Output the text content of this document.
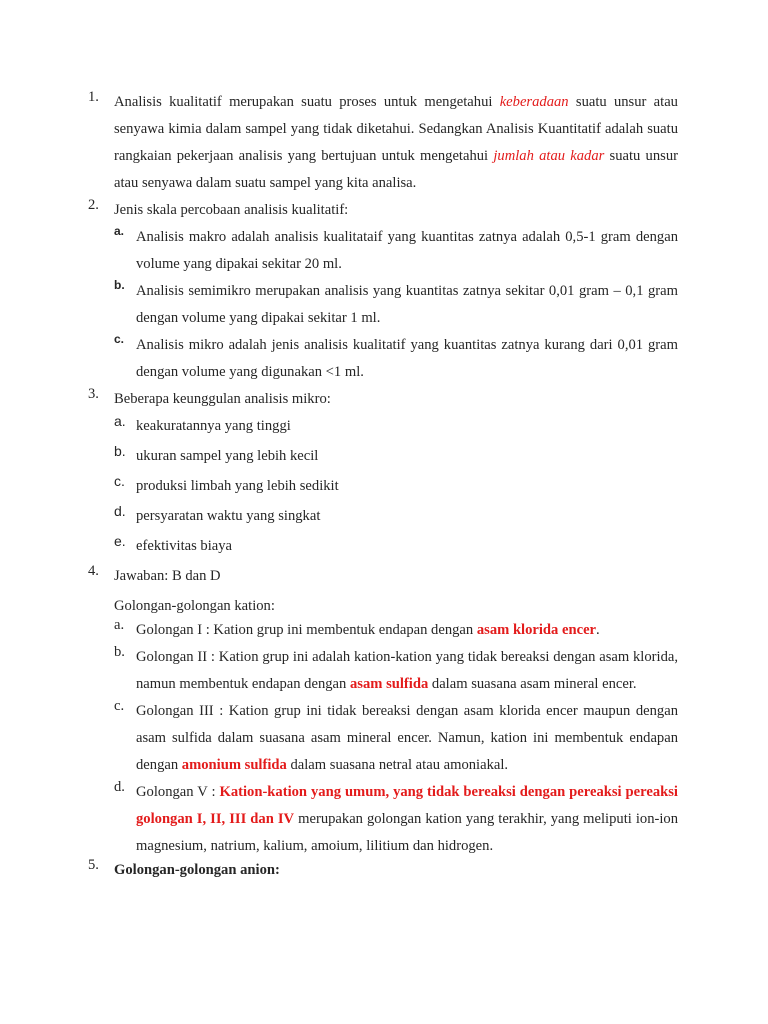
1. Analisis kualitatif merupakan suatu proses untuk mengetahui keberadaan suatu unsur atau senyawa kimia dalam sampel yang tidak diketahui. Sedangkan Analisis Kuantitatif adalah suatu rangkaian pekerjaan analisis yang bertujuan untuk mengetahui jumlah atau kadar suatu unsur atau senyawa dalam suatu sampel yang kita analisa.
2. Jenis skala percobaan analisis kualitatif:
a. Analisis makro adalah analisis kualitataif yang kuantitas zatnya adalah 0,5-1 gram dengan volume yang dipakai sekitar 20 ml.
b. Analisis semimikro merupakan analisis yang kuantitas zatnya sekitar 0,01 gram – 0,1 gram dengan volume yang dipakai sekitar 1 ml.
c. Analisis mikro adalah jenis analisis kualitatif yang kuantitas zatnya kurang dari 0,01 gram dengan volume yang digunakan <1 ml.
3. Beberapa keunggulan analisis mikro:
a. keakuratannya yang tinggi
b. ukuran sampel yang lebih kecil
c. produksi limbah yang lebih sedikit
d. persyaratan waktu yang singkat
e. efektivitas biaya
4. Jawaban: B dan D
Golongan-golongan kation:
a. Golongan I : Kation grup ini membentuk endapan dengan asam klorida encer.
b. Golongan II : Kation grup ini adalah kation-kation yang tidak bereaksi dengan asam klorida, namun membentuk endapan dengan asam sulfida dalam suasana asam mineral encer.
c. Golongan III : Kation grup ini tidak bereaksi dengan asam klorida encer maupun dengan asam sulfida dalam suasana asam mineral encer. Namun, kation ini membentuk endapan dengan amonium sulfida dalam suasana netral atau amoniakal.
d. Golongan V : Kation-kation yang umum, yang tidak bereaksi dengan pereaksi pereaksi golongan I, II, III dan IV merupakan golongan kation yang terakhir, yang meliputi ion-ion magnesium, natrium, kalium, amoium, lilitium dan hidrogen.
5. Golongan-golongan anion:
